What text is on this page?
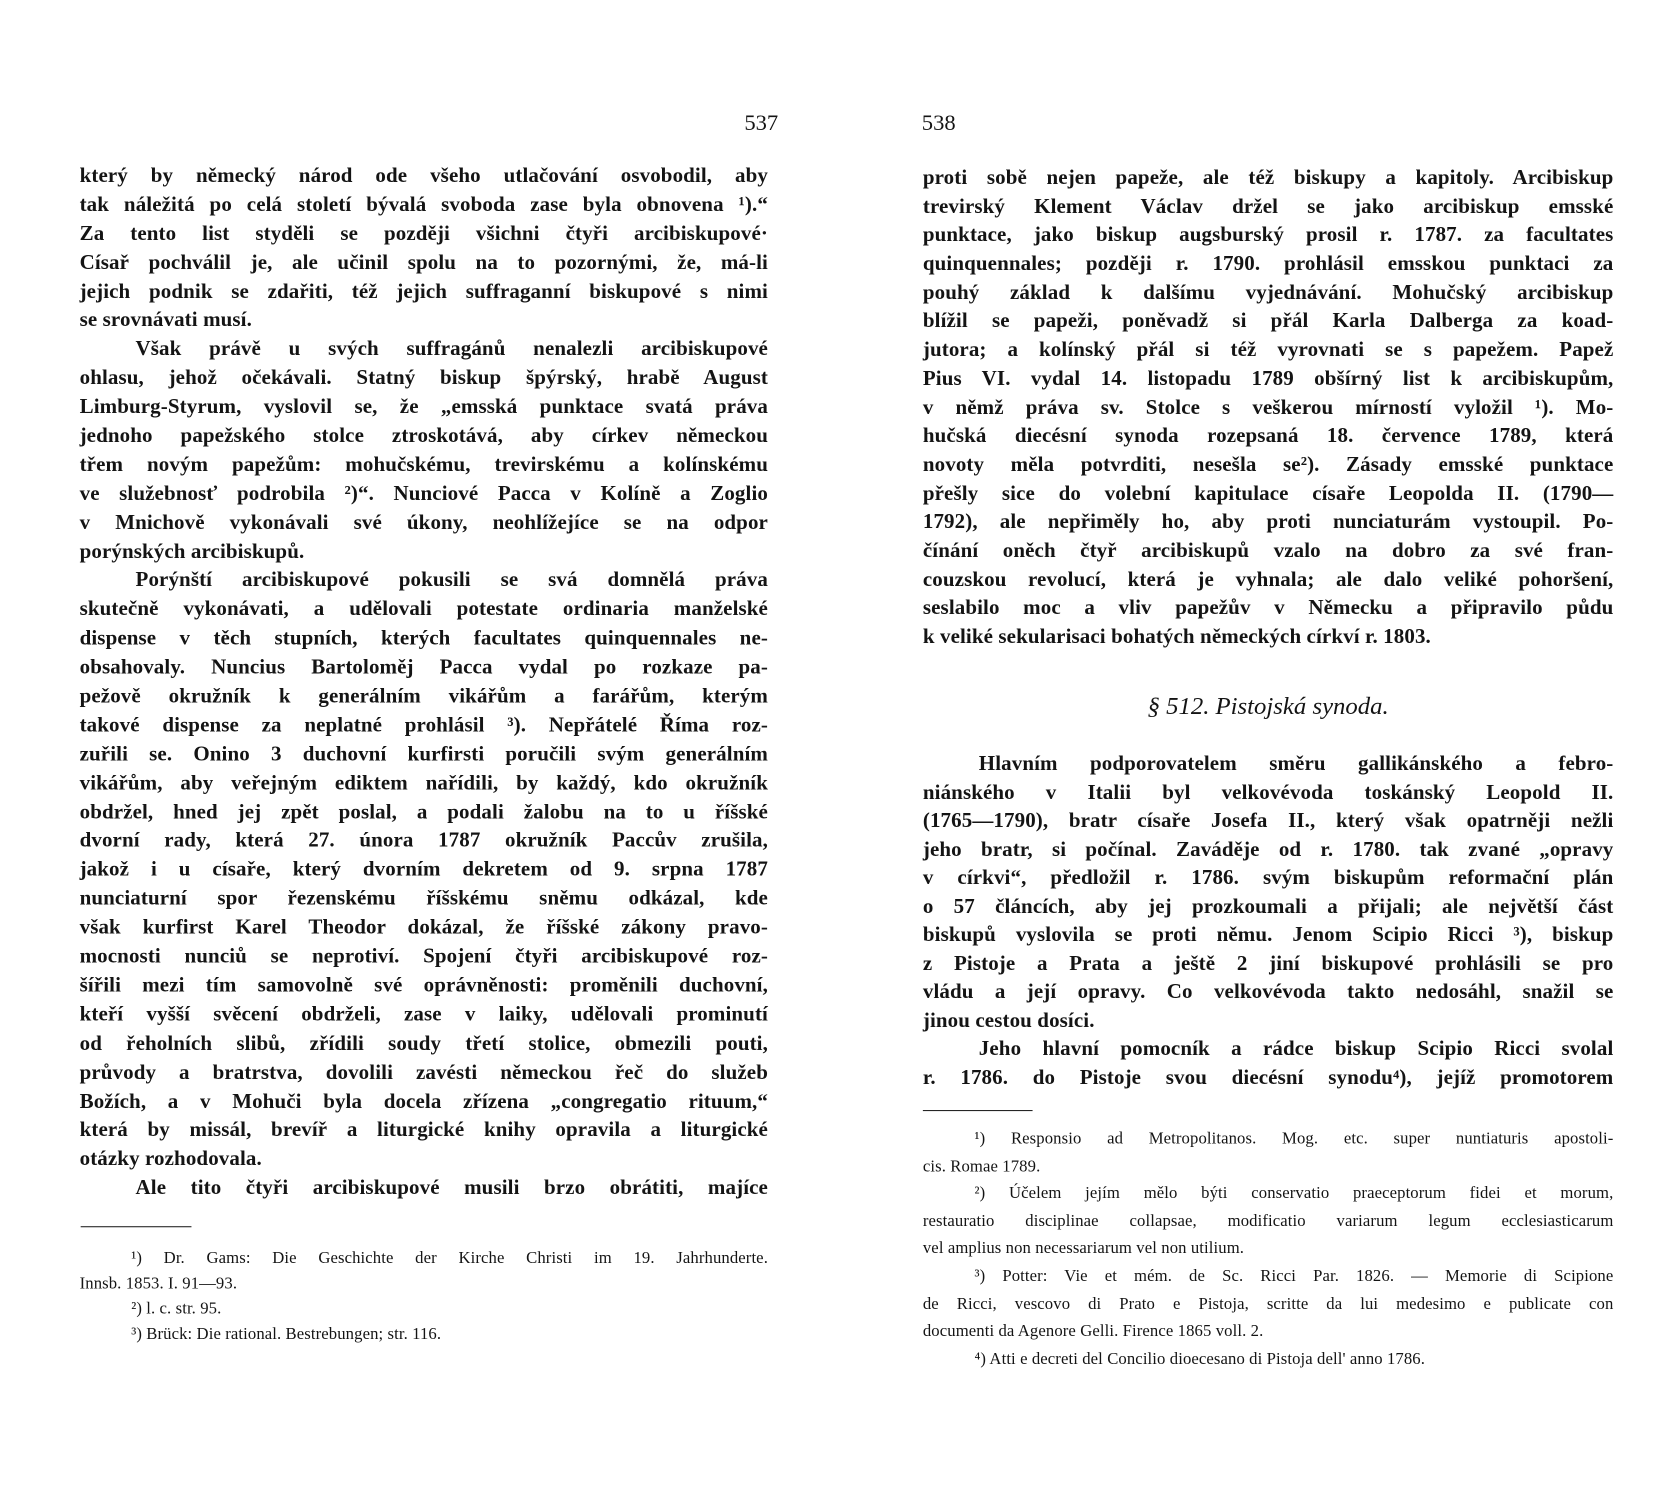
537	538
který by německý národ ode všeho utlačování osvobodil, aby
tak náležitá po celá století bývalá svoboda zase byla obnovena ¹).“
Za tento list styděli se později všichni čtyři arcibiskupové·
Císař pochválil je, ale učinil spolu na to pozornými, že, má-li
jejich podnik se zdařiti, též jejich suffraganní biskupové s nimi
se srovnávati musí.
Však právě u svých suffragánů nenalezli arcibiskupové
ohlasu, jehož očekávali. Statný biskup špýrský, hrabě August
Limburg-Styrum, vyslovil se, že „emsská punktace svatá práva
jednoho papežského stolce ztroskotává, aby církev německou
třem novým papežům: mohučskému, trevirskému a kolínskému
ve služebnosť podrobila ²)“. Nunciové Pacca v Kolíně a Zoglio
v Mnichově vykonávali své úkony, neohlížejíce se na odpor
porýnských arcibiskupů.
Porýnští arcibiskupové pokusili se svá domnělá práva
skutečně vykonávati, a udělovali potestate ordinaria manželské
dispense v těch stupních, kterých facultates quinquennales ne-
obsahovaly. Nuncius Bartoloměj Pacca vydal po rozkaze pa-
pežově okružník k generálním vikářům a farářům, kterým
takové dispense za neplatné prohlásil ³). Nepřátelé Říma roz-
zuřili se. Onino 3 duchovní kurfirsti poručili svým generálním
vikářům, aby veřejným ediktem nařídili, by každý, kdo okružník
obdržel, hned jej zpět poslal, a podali žalobu na to u říšské
dvorní rady, která 27. února 1787 okružník Paccův zrušila,
jakož i u císaře, který dvorním dekretem od 9. srpna 1787
nunciaturní spor řezenskému říšskému sněmu odkázal, kde
však kurfirst Karel Theodor dokázal, že říšské zákony pravo-
mocnosti nunciů se neprotiví. Spojení čtyři arcibiskupové roz-
šířili mezi tím samovolně své oprávněnosti: proměnili duchovní,
kteří vyšší svěcení obdrželi, zase v laiky, udělovali prominutí
od řeholních slibů, zřídili soudy třetí stolice, obmezili pouti,
průvody a bratrstva, dovolili zavésti německou řeč do služeb
Božích, a v Mohuči byla docela zřízena „congregatio rituum,“
která by missál, brevíř a liturgické knihy opravila a liturgické
otázky rozhodovala.
Ale tito čtyři arcibiskupové musili brzo obrátiti, majíce
¹) Dr. Gams: Die Geschichte der Kirche Christi im 19. Jahrhunderte.
Innsb. 1853. I. 91—93.
²) l. c. str. 95.
³) Brück: Die rational. Bestrebungen; str. 116.
proti sobě nejen papeže, ale též biskupy a kapitoly. Arcibiskup
trevirský Klement Václav držel se jako arcibiskup emsské
punktace, jako biskup augsburský prosil r. 1787. za facultates
quinquennales; později r. 1790. prohlásil emsskou punktaci za
pouhý základ k dalšímu vyjednávání. Mohučský arcibiskup
blížil se papeži, poněvadž si přál Karla Dalberga za koad-
jutora; a kolínský přál si též vyrovnati se s papežem. Papež
Pius VI. vydal 14. listopadu 1789 obšírný list k arcibiskupům,
v němž práva sv. Stolce s veškerou mírností vyložil ¹). Mo-
hučská diecésní synoda rozepsaná 18. července 1789, která
novoty měla potvrditi, nesešla se²). Zásady emsské punktace
přešly sice do volební kapitulace císaře Leopolda II. (1790—
1792), ale nepřiměly ho, aby proti nunciaturám vystoupil. Po-
čínání oněch čtyř arcibiskupů vzalo na dobro za své fran-
couzskou revolucí, která je vyhnala; ale dalo veliké pohoršení,
seslabilo moc a vliv papežův v Německu a připravilo půdu
k veliké sekularisaci bohatých německých církví r. 1803.
§ 512. Pistojská synoda.
Hlavním podporovatelem směru gallikánského a febro-
niánského v Italii byl velkovévoda toskánský Leopold II.
(1765—1790), bratr císaře Josefa II., který však opatrněji nežli
jeho bratr, si počínal. Zaváděje od r. 1780. tak zvané „opravy
v církvi“, předložil r. 1786. svým biskupům reformační plán
o 57 článcích, aby jej prozkoumali a přijali; ale největší část
biskupů vyslovila se proti němu. Jenom Scipio Ricci ³), biskup
z Pistoje a Prata a ještě 2 jiní biskupové prohlásili se pro
vládu a její opravy. Co velkovévoda takto nedosáhl, snažil se
jinou cestou dosíci.
Jeho hlavní pomocník a rádce biskup Scipio Ricci svolal
r. 1786. do Pistoje svou diecésní synodu⁴), jejíž promotorem
¹) Responsio ad Metropolitanos. Mog. etc. super nuntiaturis apostoli-
cis. Romae 1789.
²) Účelem jejím mělo býti conservatio praeceptorum fidei et morum,
restauratio disciplinae collapsae, modificatio variarum legum ecclesiasticarum
vel amplius non necessariarum vel non utilium.
³) Potter: Vie et mém. de Sc. Ricci Par. 1826. — Memorie di Scipione
de Ricci, vescovo di Prato e Pistoja, scritte da lui medesimo e publicate con
documenti da Agenore Gelli. Firence 1865 voll. 2.
⁴) Atti e decreti del Concilio dioecesano di Pistoja dell' anno 1786.
